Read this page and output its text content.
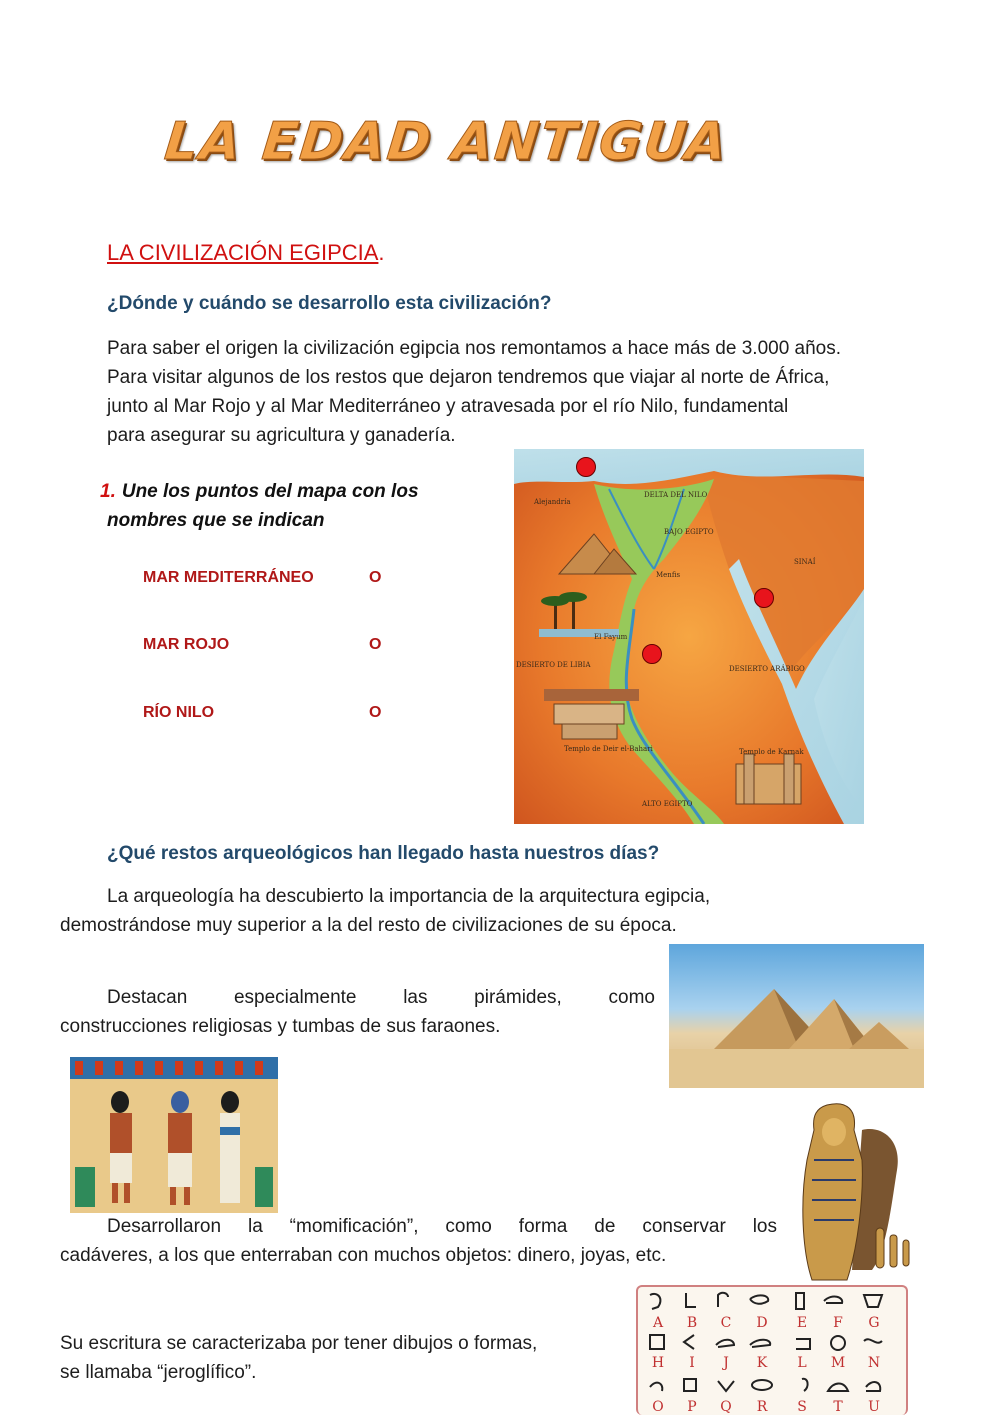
LA EDAD ANTIGUA
LA CIVILIZACIÓN EGIPCIA.
¿Dónde y cuándo se desarrollo esta civilización?
Para saber el origen la civilización egipcia nos remontamos a hace más de 3.000 años.
Para visitar algunos de los restos que dejaron tendremos que viajar al norte de África,
junto al Mar Rojo y al Mar Mediterráneo y atravesada por el río Nilo, fundamental
para asegurar su agricultura y ganadería.
1. Une los puntos del mapa con los
nombres que se indican
MAR MEDITERRÁNEO	O
MAR ROJO	O
RÍO NILO	O
DELTA DEL NILO
BAJO EGIPTO
SINAÍ
DESIERTO DE LIBIA	DESIERTO ARÁBIGO
ALTO EGIPTO
Menfis
El Fayum
Templo de Karnak
Templo de Deir el-Bahari
Alejandría
¿Qué restos arqueológicos han llegado hasta nuestros días?
La arqueología ha descubierto la importancia de la arquitectura egipcia,
demostrándose muy superior a la del resto de civilizaciones de su época.
Destacan especialmente las pirámides, como
construcciones religiosas y tumbas de sus faraones.
Desarrollaron la “momificación”, como forma de conservar los
cadáveres, a los que enterraban con muchos objetos: dinero, joyas, etc.
Su escritura se caracterizaba por tener dibujos o formas,
se llamaba “jeroglífico”.
A B C D E F G
H I J K L M N
O P Q R S T U
